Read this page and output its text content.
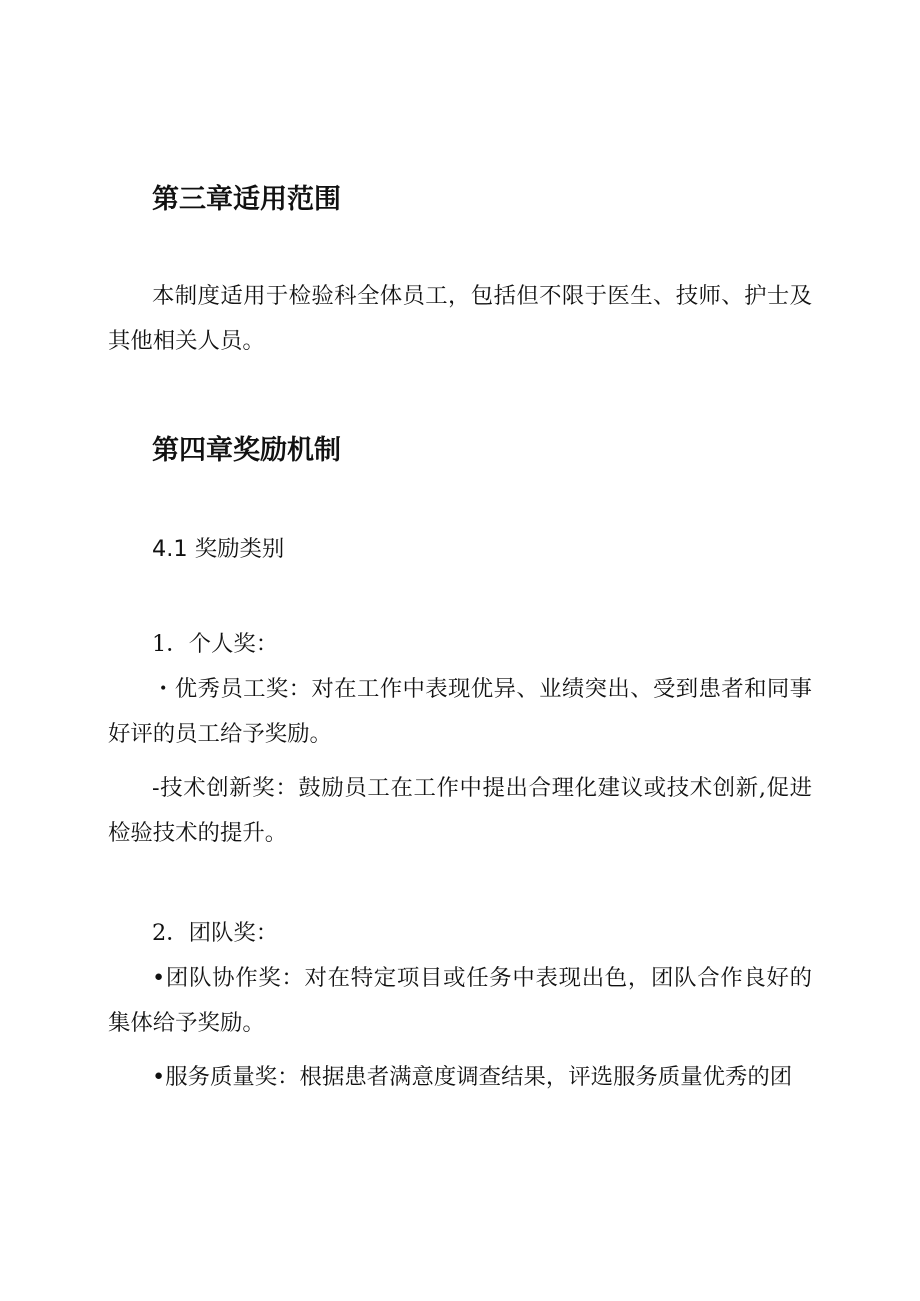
第三章适用范围
本制度适用于检验科全体员工，包括但不限于医生、技师、护士及其他相关人员。
第四章奖励机制
4.1 奖励类别
1．个人奖：
・优秀员工奖：对在工作中表现优异、业绩突出、受到患者和同事好评的员工给予奖励。
-技术创新奖：鼓励员工在工作中提出合理化建议或技术创新,促进检验技术的提升。
2．团队奖：
•团队协作奖：对在特定项目或任务中表现出色，团队合作良好的集体给予奖励。
•服务质量奖：根据患者满意度调查结果，评选服务质量优秀的团
